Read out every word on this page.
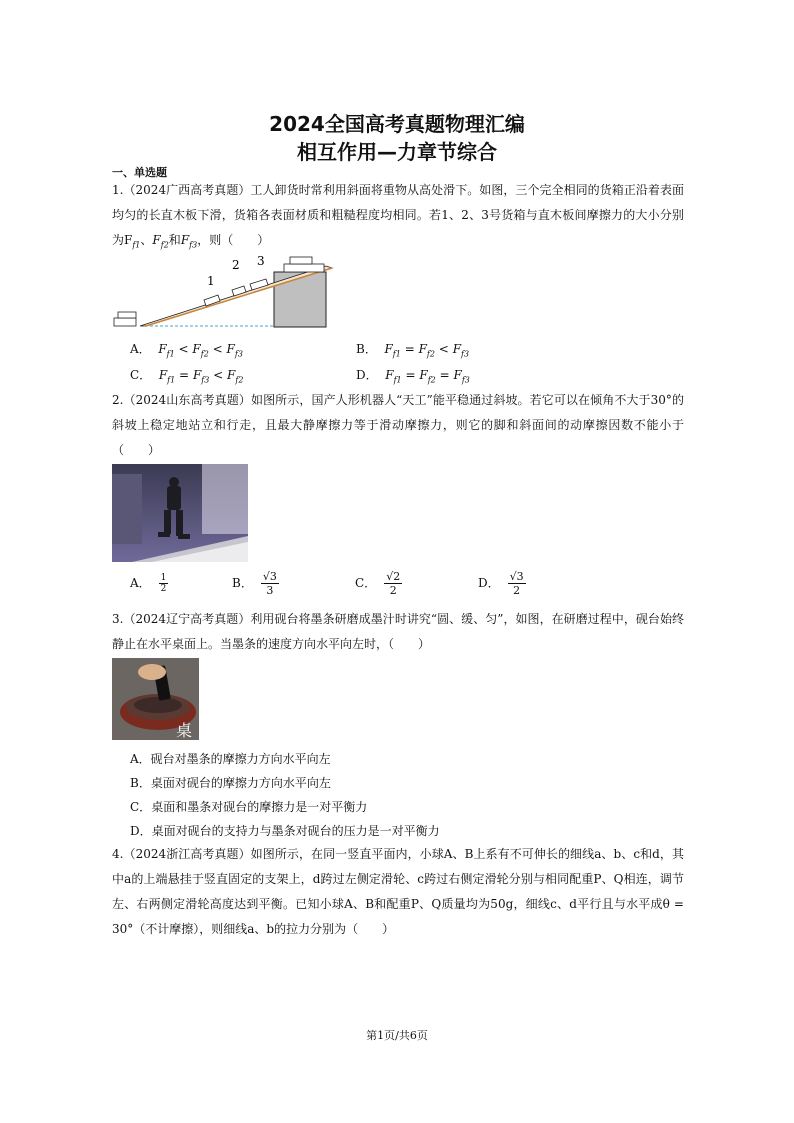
2024全国高考真题物理汇编
相互作用—力章节综合
一、单选题
1.（2024广西高考真题）工人卸货时常利用斜面将重物从高处滑下。如图，三个完全相同的货箱正沿着表面均匀的长直木板下滑，货箱各表面材质和粗糙程度均相同。若1、2、3号货箱与直木板间摩擦力的大小分别为$F_{f1}$、$F_{f2}$和$F_{f3}$，则（　　）
1
2 3
A． $F_{f1} < F_{f2} < F_{f3}$	B． $F_{f1} = F_{f2} < F_{f3}$
C． $F_{f1} = F_{f3} < F_{f2}$	D． $F_{f1} = F_{f2} = F_{f3}$
2.（2024山东高考真题）如图所示，国产人形机器人“天工”能平稳通过斜坡。若它可以在倾角不大于30°的斜坡上稳定地站立和行走，且最大静摩擦力等于滑动摩擦力，则它的脚和斜面间的动摩擦因数不能小于（　　）
A． $\frac{1}{2}$	B． $\frac{√3}{3}$	C． $\frac{√2}{2}$	D． $\frac{√3}{2}$
3.（2024辽宁高考真题）利用砚台将墨条研磨成墨汁时讲究“圆、缓、匀”，如图，在研磨过程中，砚台始终静止在水平桌面上。当墨条的速度方向水平向左时，（　　）
桌
A．砚台对墨条的摩擦力方向水平向左
B．桌面对砚台的摩擦力方向水平向左
C．桌面和墨条对砚台的摩擦力是一对平衡力
D．桌面对砚台的支持力与墨条对砚台的压力是一对平衡力
4.（2024浙江高考真题）如图所示，在同一竖直平面内，小球A、B上系有不可伸长的细线a、b、c和d，其中a的上端悬挂于竖直固定的支架上，d跨过左侧定滑轮、c跨过右侧定滑轮分别与相同配重P、Q相连，调节左、右两侧定滑轮高度达到平衡。已知小球A、B和配重P、Q质量均为50g，细线c、d平行且与水平成θ = 30°（不计摩擦），则细线a、b的拉力分别为（　　）
第1页/共6页
